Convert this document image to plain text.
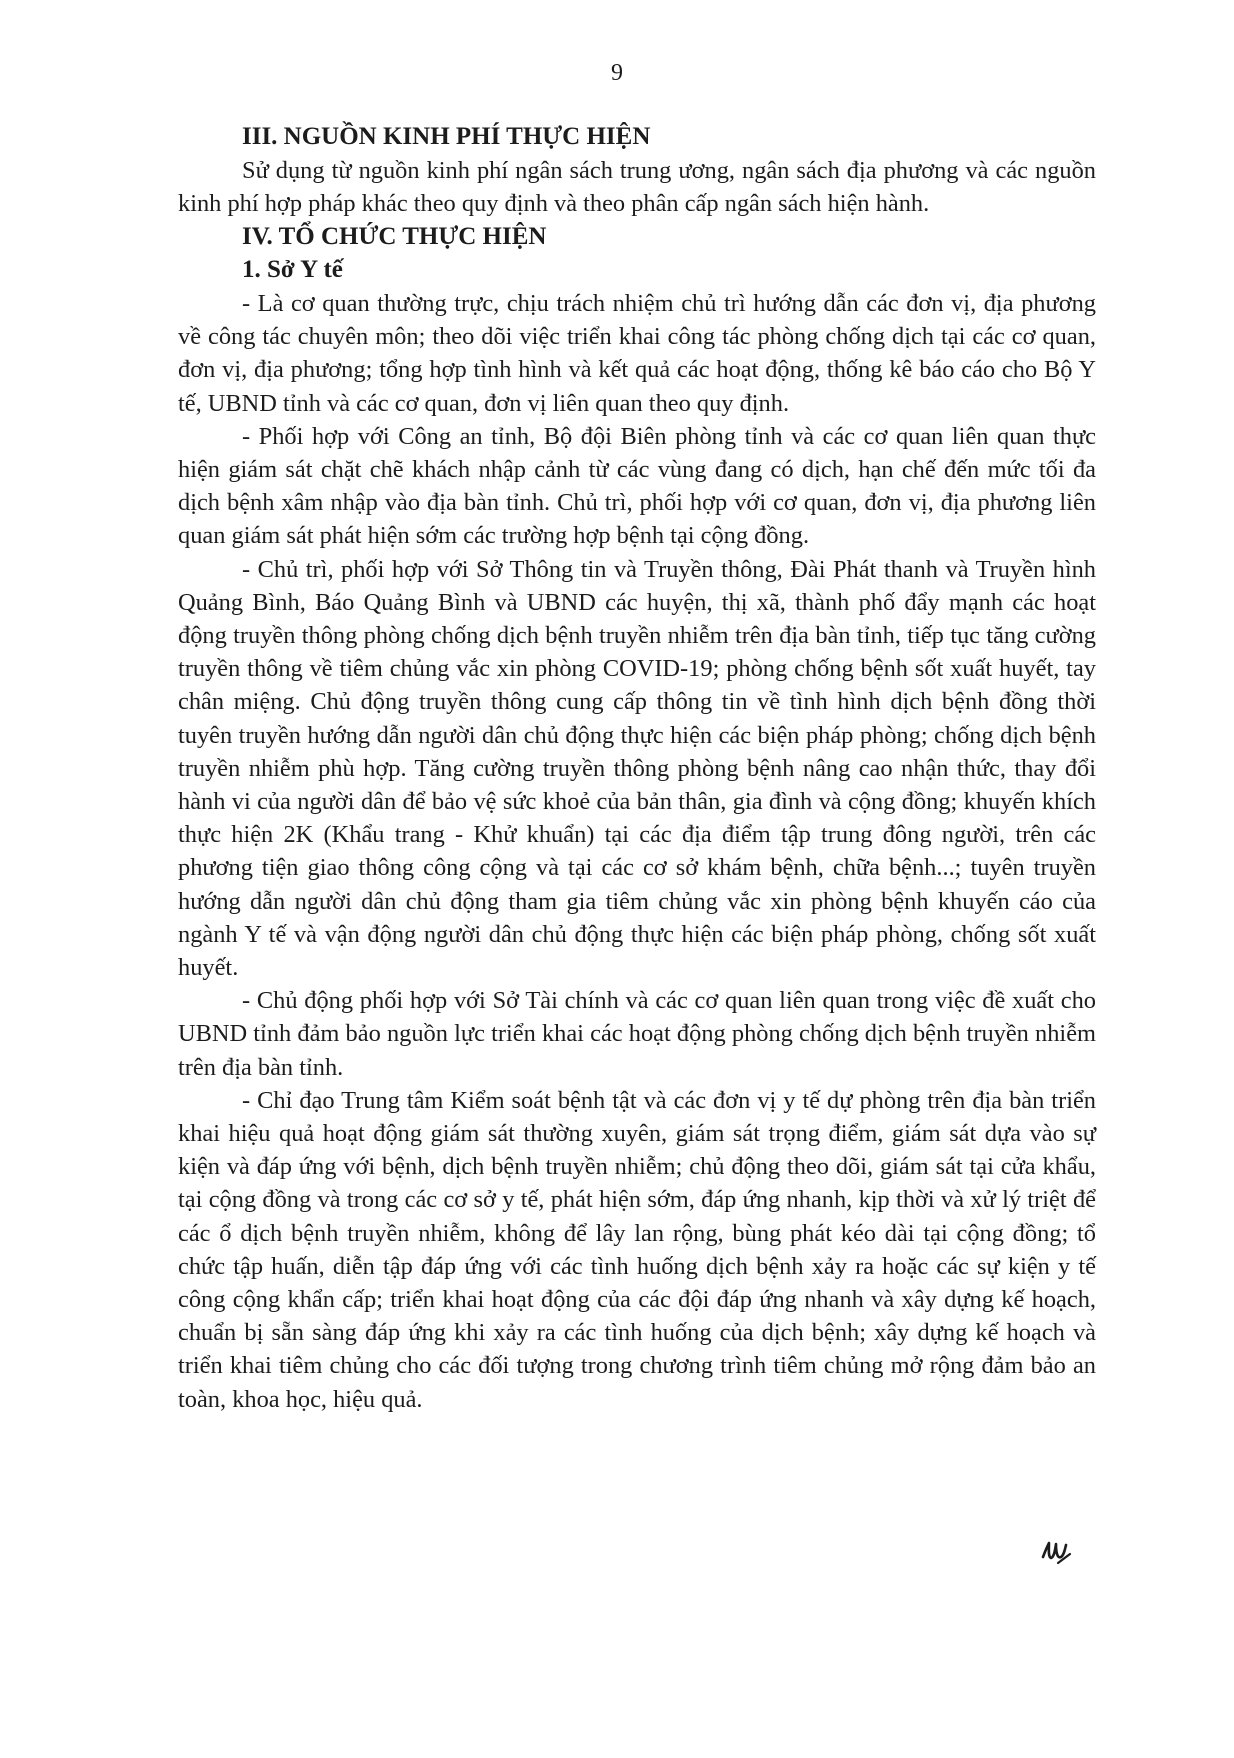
9

III. NGUỒN KINH PHÍ THỰC HIỆN

Sử dụng từ nguồn kinh phí ngân sách trung ương, ngân sách địa phương và các nguồn kinh phí hợp pháp khác theo quy định và theo phân cấp ngân sách hiện hành.

IV. TỔ CHỨC THỰC HIỆN

1. Sở Y tế

- Là cơ quan thường trực, chịu trách nhiệm chủ trì hướng dẫn các đơn vị, địa phương về công tác chuyên môn; theo dõi việc triển khai công tác phòng chống dịch tại các cơ quan, đơn vị, địa phương; tổng hợp tình hình và kết quả các hoạt động, thống kê báo cáo cho Bộ Y tế, UBND tỉnh và các cơ quan, đơn vị liên quan theo quy định.

- Phối hợp với Công an tỉnh, Bộ đội Biên phòng tỉnh và các cơ quan liên quan thực hiện giám sát chặt chẽ khách nhập cảnh từ các vùng đang có dịch, hạn chế đến mức tối đa dịch bệnh xâm nhập vào địa bàn tỉnh. Chủ trì, phối hợp với cơ quan, đơn vị, địa phương liên quan giám sát phát hiện sớm các trường hợp bệnh tại cộng đồng.

- Chủ trì, phối hợp với Sở Thông tin và Truyền thông, Đài Phát thanh và Truyền hình Quảng Bình, Báo Quảng Bình và UBND các huyện, thị xã, thành phố đẩy mạnh các hoạt động truyền thông phòng chống dịch bệnh truyền nhiễm trên địa bàn tỉnh, tiếp tục tăng cường truyền thông về tiêm chủng vắc xin phòng COVID-19; phòng chống bệnh sốt xuất huyết, tay chân miệng. Chủ động truyền thông cung cấp thông tin về tình hình dịch bệnh đồng thời tuyên truyền hướng dẫn người dân chủ động thực hiện các biện pháp phòng; chống dịch bệnh truyền nhiễm phù hợp. Tăng cường truyền thông phòng bệnh nâng cao nhận thức, thay đổi hành vi của người dân để bảo vệ sức khoẻ của bản thân, gia đình và cộng đồng; khuyến khích thực hiện 2K (Khẩu trang - Khử khuẩn) tại các địa điểm tập trung đông người, trên các phương tiện giao thông công cộng và tại các cơ sở khám bệnh, chữa bệnh...; tuyên truyền hướng dẫn người dân chủ động tham gia tiêm chủng vắc xin phòng bệnh khuyến cáo của ngành Y tế và vận động người dân chủ động thực hiện các biện pháp phòng, chống sốt xuất huyết.

- Chủ động phối hợp với Sở Tài chính và các cơ quan liên quan trong việc đề xuất cho UBND tỉnh đảm bảo nguồn lực triển khai các hoạt động phòng chống dịch bệnh truyền nhiễm trên địa bàn tỉnh.

- Chỉ đạo Trung tâm Kiểm soát bệnh tật và các đơn vị y tế dự phòng trên địa bàn triển khai hiệu quả hoạt động giám sát thường xuyên, giám sát trọng điểm, giám sát dựa vào sự kiện và đáp ứng với bệnh, dịch bệnh truyền nhiễm; chủ động theo dõi, giám sát tại cửa khẩu, tại cộng đồng và trong các cơ sở y tế, phát hiện sớm, đáp ứng nhanh, kịp thời và xử lý triệt để các ổ dịch bệnh truyền nhiễm, không để lây lan rộng, bùng phát kéo dài tại cộng đồng; tổ chức tập huấn, diễn tập đáp ứng với các tình huống dịch bệnh xảy ra hoặc các sự kiện y tế công cộng khẩn cấp; triển khai hoạt động của các đội đáp ứng nhanh và xây dựng kế hoạch, chuẩn bị sẵn sàng đáp ứng khi xảy ra các tình huống của dịch bệnh; xây dựng kế hoạch và triển khai tiêm chủng cho các đối tượng trong chương trình tiêm chủng mở rộng đảm bảo an toàn, khoa học, hiệu quả.
